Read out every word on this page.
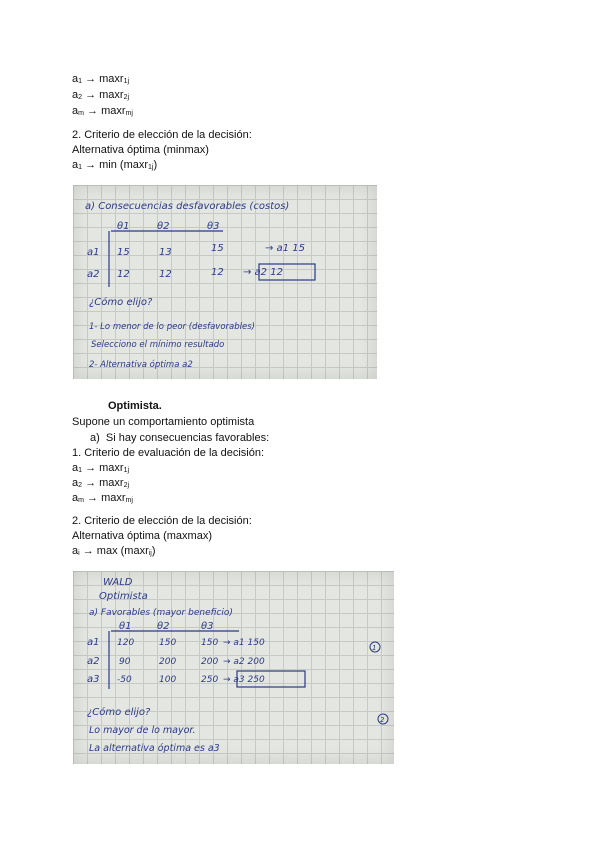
a1 → maxr1j
a2 → maxr2j
am → maxrmj
2. Criterio de elección de la decisión:
Alternativa óptima (minmax)
a1 → min (maxr1j)
a) Consecuencias desfavorables (costos)
θ1	θ2	θ3
a1 15	13	15	→ a1 15
a2 12	12	12 → a2 12
¿Cómo elijo?
1- Lo menor de lo peor (desfavorables)
Selecciono el mínimo resultado
2- Alternativa óptima a2
Optimista.
Supone un comportamiento optimista
a) Si hay consecuencias favorables:
1. Criterio de evaluación de la decisión:
a1 → maxr1j
a2 → maxr2j
am → maxrmj
2. Criterio de elección de la decisión:
Alternativa óptima (maxmax)
ai → max (maxrij)
WALD
Optimista
a) Favorables (mayor beneficio)
θ1	θ2	θ3
a1 120	150	150 → a1 150
a2 90	200	200 → a2 200
a3 -50	100	250 → a3 250
1
¿Cómo elijo?
2
Lo mayor de lo mayor.
La alternativa óptima es a3
